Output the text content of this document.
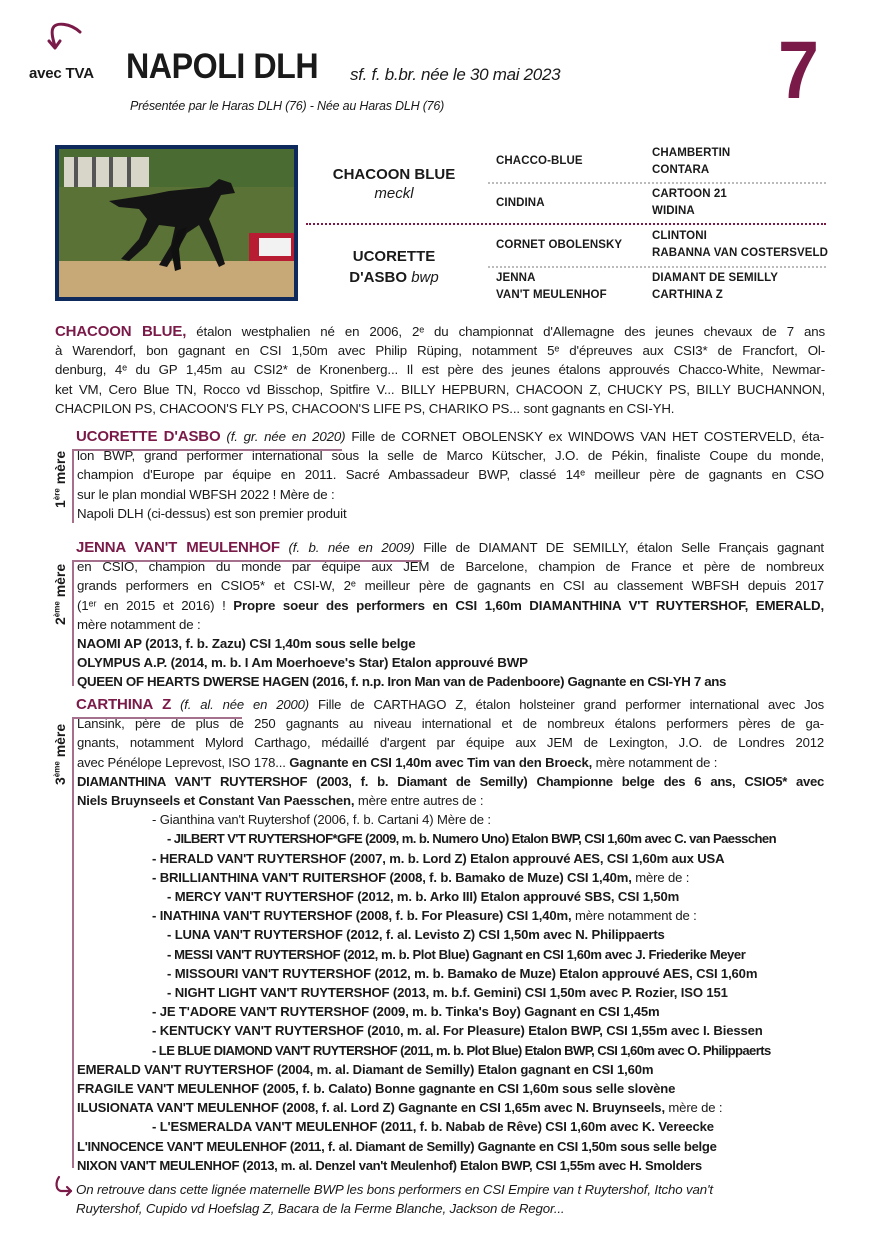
avec TVA NAPOLI DLH sf. f. b.br. née le 30 mai 2023	7
Présentée par le Haras DLH (76) - Née au Haras DLH (76)
CHACOON BLUE
meckl
UCORETTE
D'ASBO bwp
CHACCO-BLUE
CINDINA
CORNET OBOLENSKY
JENNA
VAN'T MEULENHOF
CHAMBERTIN
CONTARA
CARTOON 21
WIDINA
CLINTONI
RABANNA VAN COSTERSVELD
DIAMANT DE SEMILLY
CARTHINA Z
CHACOON BLUE, étalon westphalien né en 2006, 2ᵉ du championnat d'Allemagne des jeunes chevaux de 7 ans
à Warendorf, bon gagnant en CSI 1,50m avec Philip Rüping, notamment 5ᵉ d'épreuves aux CSI3* de Francfort, Ol-
denburg, 4ᵉ du GP 1,45m au CSI2* de Kronenberg... Il est père des jeunes étalons approuvés Chacco-White, Newmar-
ket VM, Cero Blue TN, Rocco vd Bisschop, Spitfire V... BILLY HEPBURN, CHACOON Z, CHUCKY PS, BILLY BUCHANNON,
CHACPILON PS, CHACOON'S FLY PS, CHACOON'S LIFE PS, CHARIKO PS... sont gagnants en CSI-YH.
1ère mère
UCORETTE D'ASBO (f. gr. née en 2020) Fille de CORNET OBOLENSKY ex WINDOWS VAN HET COSTERVELD, éta-
lon BWP, grand performer international sous la selle de Marco Kütscher, J.O. de Pékin, finaliste Coupe du monde,
champion d'Europe par équipe en 2011. Sacré Ambassadeur BWP, classé 14ᵉ meilleur père de gagnants en CSO
sur le plan mondial WBFSH 2022 ! Mère de :
Napoli DLH (ci-dessus) est son premier produit
2ème mère
JENNA VAN'T MEULENHOF (f. b. née en 2009) Fille de DIAMANT DE SEMILLY, étalon Selle Français gagnant
en CSIO, champion du monde par équipe aux JEM de Barcelone, champion de France et père de nombreux
grands performers en CSIO5* et CSI-W, 2ᵉ meilleur père de gagnants en CSI au classement WBFSH depuis 2017
(1ᵉʳ en 2015 et 2016) ! Propre soeur des performers en CSI 1,60m DIAMANTHINA V'T RUYTERSHOF, EMERALD,
mère notamment de :
NAOMI AP (2013, f. b. Zazu) CSI 1,40m sous selle belge
OLYMPUS A.P. (2014, m. b. I Am Moerhoeve's Star) Etalon approuvé BWP
QUEEN OF HEARTS DWERSE HAGEN (2016, f. n.p. Iron Man van de Padenboore) Gagnante en CSI-YH 7 ans
3ème mère
CARTHINA Z (f. al. née en 2000) Fille de CARTHAGO Z, étalon holsteiner grand performer international avec Jos
Lansink, père de plus de 250 gagnants au niveau international et de nombreux étalons performers pères de ga-
gnants, notamment Mylord Carthago, médaillé d'argent par équipe aux JEM de Lexington, J.O. de Londres 2012
avec Pénélope Leprevost, ISO 178... Gagnante en CSI 1,40m avec Tim van den Broeck, mère notamment de :
DIAMANTHINA VAN'T RUYTERSHOF (2003, f. b. Diamant de Semilly) Championne belge des 6 ans, CSIO5* avec
Niels Bruynseels et Constant Van Paesschen, mère entre autres de :
- Gianthina van't Ruytershof (2006, f. b. Cartani 4) Mère de :
- JILBERT V'T RUYTERSHOF*GFE (2009, m. b. Numero Uno) Etalon BWP, CSI 1,60m avec C. van Paesschen
- HERALD VAN'T RUYTERSHOF (2007, m. b. Lord Z) Etalon approuvé AES, CSI 1,60m aux USA
- BRILLIANTHINA VAN'T RUITERSHOF (2008, f. b. Bamako de Muze) CSI 1,40m, mère de :
- MERCY VAN'T RUYTERSHOF (2012, m. b. Arko III) Etalon approuvé SBS, CSI 1,50m
- INATHINA VAN'T RUYTERSHOF (2008, f. b. For Pleasure) CSI 1,40m, mère notamment de :
- LUNA VAN'T RUYTERSHOF (2012, f. al. Levisto Z) CSI 1,50m avec N. Philippaerts
- MESSI VAN'T RUYTERSHOF (2012, m. b. Plot Blue) Gagnant en CSI 1,60m avec J. Friederike Meyer
- MISSOURI VAN'T RUYTERSHOF (2012, m. b. Bamako de Muze) Etalon approuvé AES, CSI 1,60m
- NIGHT LIGHT VAN'T RUYTERSHOF (2013, m. b.f. Gemini) CSI 1,50m avec P. Rozier, ISO 151
- JE T'ADORE VAN'T RUYTERSHOF (2009, m. b. Tinka's Boy) Gagnant en CSI 1,45m
- KENTUCKY VAN'T RUYTERSHOF (2010, m. al. For Pleasure) Etalon BWP, CSI 1,55m avec I. Biessen
- LE BLUE DIAMOND VAN'T RUYTERSHOF (2011, m. b. Plot Blue) Etalon BWP, CSI 1,60m avec O. Philippaerts
EMERALD VAN'T RUYTERSHOF (2004, m. al. Diamant de Semilly) Etalon gagnant en CSI 1,60m
FRAGILE VAN'T MEULENHOF (2005, f. b. Calato) Bonne gagnante en CSI 1,60m sous selle slovène
ILUSIONATA VAN'T MEULENHOF (2008, f. al. Lord Z) Gagnante en CSI 1,65m avec N. Bruynseels, mère de :
- L'ESMERALDA VAN'T MEULENHOF (2011, f. b. Nabab de Rêve) CSI 1,60m avec K. Vereecke
L'INNOCENCE VAN'T MEULENHOF (2011, f. al. Diamant de Semilly) Gagnante en CSI 1,50m sous selle belge
NIXON VAN'T MEULENHOF (2013, m. al. Denzel van't Meulenhof) Etalon BWP, CSI 1,55m avec H. Smolders
On retrouve dans cette lignée maternelle BWP les bons performers en CSI Empire van t Ruytershof, Itcho van't
Ruytershof, Cupido vd Hoefslag Z, Bacara de la Ferme Blanche, Jackson de Regor...
